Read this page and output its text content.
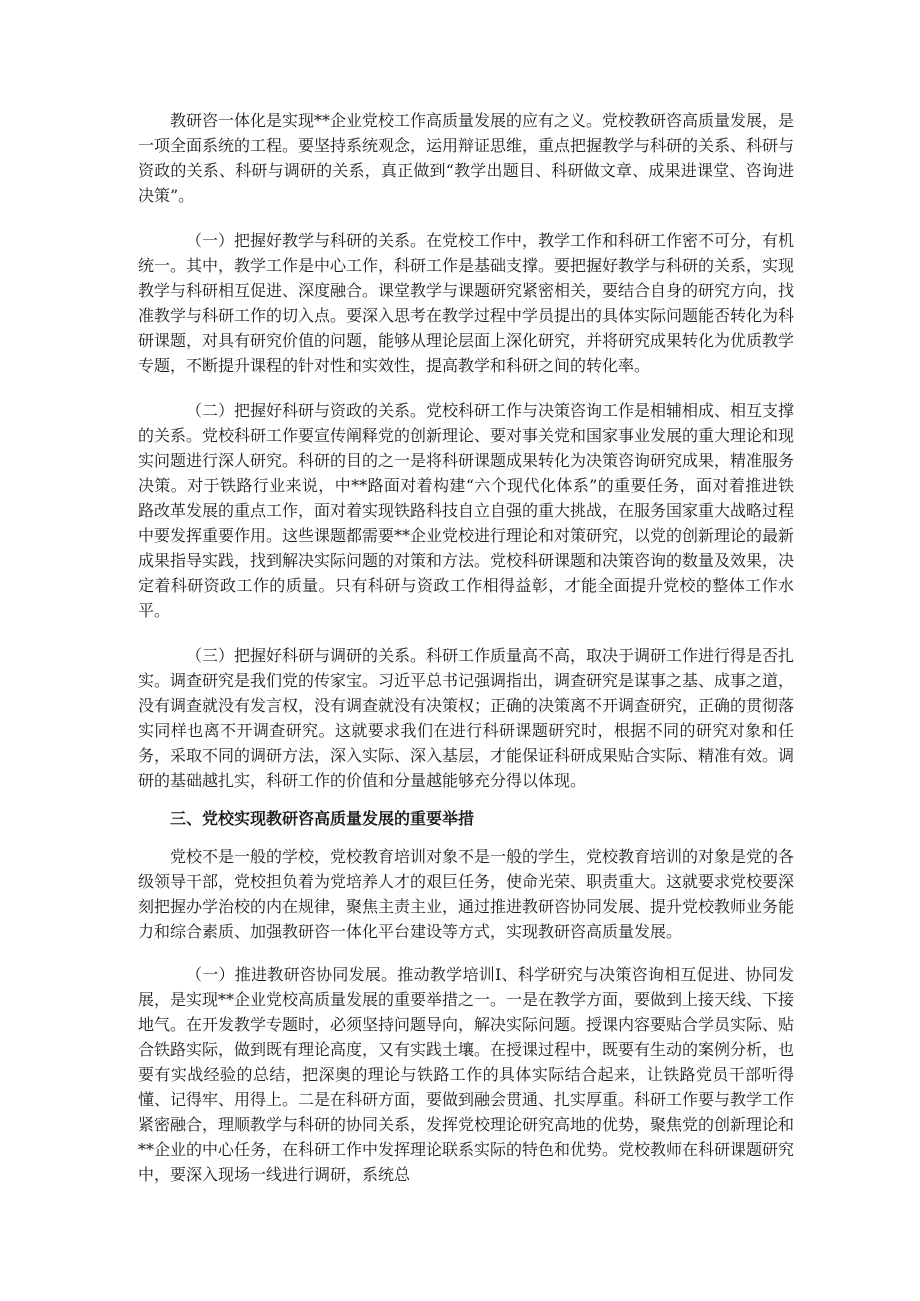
教研咨一体化是实现**企业党校工作高质量发展的应有之义。党校教研咨高质量发展，是一项全面系统的工程。要坚持系统观念，运用辩证思维，重点把握教学与科研的关系、科研与资政的关系、科研与调研的关系，真正做到“教学出题目、科研做文章、成果进课堂、咨询进决策”。

（一）把握好教学与科研的关系。在党校工作中，教学工作和科研工作密不可分，有机统一。其中，教学工作是中心工作，科研工作是基础支撑。要把握好教学与科研的关系，实现教学与科研相互促进、深度融合。课堂教学与课题研究紧密相关，要结合自身的研究方向，找准教学与科研工作的切入点。要深入思考在教学过程中学员提出的具体实际问题能否转化为科研课题，对具有研究价值的问题，能够从理论层面上深化研究，并将研究成果转化为优质教学专题，不断提升课程的针对性和实效性，提高教学和科研之间的转化率。

（二）把握好科研与资政的关系。党校科研工作与决策咨询工作是相辅相成、相互支撑的关系。党校科研工作要宣传阐释党的创新理论、要对事关党和国家事业发展的重大理论和现实问题进行深人研究。科研的目的之一是将科研课题成果转化为决策咨询研究成果，精准服务决策。对于铁路行业来说，中**路面对着构建“六个现代化体系”的重要任务，面对着推进铁路改革发展的重点工作，面对着实现铁路科技自立自强的重大挑战，在服务国家重大战略过程中要发挥重要作用。这些课题都需要**企业党校进行理论和对策研究，以党的创新理论的最新成果指导实践，找到解决实际问题的对策和方法。党校科研课题和决策咨询的数量及效果，决定着科研资政工作的质量。只有科研与资政工作相得益彰，才能全面提升党校的整体工作水平。

（三）把握好科研与调研的关系。科研工作质量高不高，取决于调研工作进行得是否扎实。调查研究是我们党的传家宝。习近平总书记强调指出，调查研究是谋事之基、成事之道，没有调查就没有发言权，没有调查就没有决策权；正确的决策离不开调查研究，正确的贯彻落实同样也离不开调查研究。这就要求我们在进行科研课题研究时，根据不同的研究对象和任务，采取不同的调研方法，深入实际、深入基层，才能保证科研成果贴合实际、精准有效。调研的基础越扎实，科研工作的价值和分量越能够充分得以体现。

三、党校实现教研咨高质量发展的重要举措

党校不是一般的学校，党校教育培训对象不是一般的学生，党校教育培训的对象是党的各级领导干部，党校担负着为党培养人才的艰巨任务，使命光荣、职责重大。这就要求党校要深刻把握办学治校的内在规律，聚焦主责主业，通过推进教研咨协同发展、提升党校教师业务能力和综合素质、加强教研咨一体化平台建设等方式，实现教研咨高质量发展。

（一）推进教研咨协同发展。推动教学培训I、科学研究与决策咨询相互促进、协同发展，是实现**企业党校高质量发展的重要举措之一。一是在教学方面，要做到上接天线、下接地气。在开发教学专题时，必须坚持问题导向，解决实际问题。授课内容要贴合学员实际、贴合铁路实际，做到既有理论高度，又有实践土壤。在授课过程中，既要有生动的案例分析，也要有实战经验的总结，把深奥的理论与铁路工作的具体实际结合起来，让铁路党员干部听得懂、记得牢、用得上。二是在科研方面，要做到融会贯通、扎实厚重。科研工作要与教学工作紧密融合，理顺教学与科研的协同关系，发挥党校理论研究高地的优势，聚焦党的创新理论和**企业的中心任务，在科研工作中发挥理论联系实际的特色和优势。党校教师在科研课题研究中，要深入现场一线进行调研，系统总
